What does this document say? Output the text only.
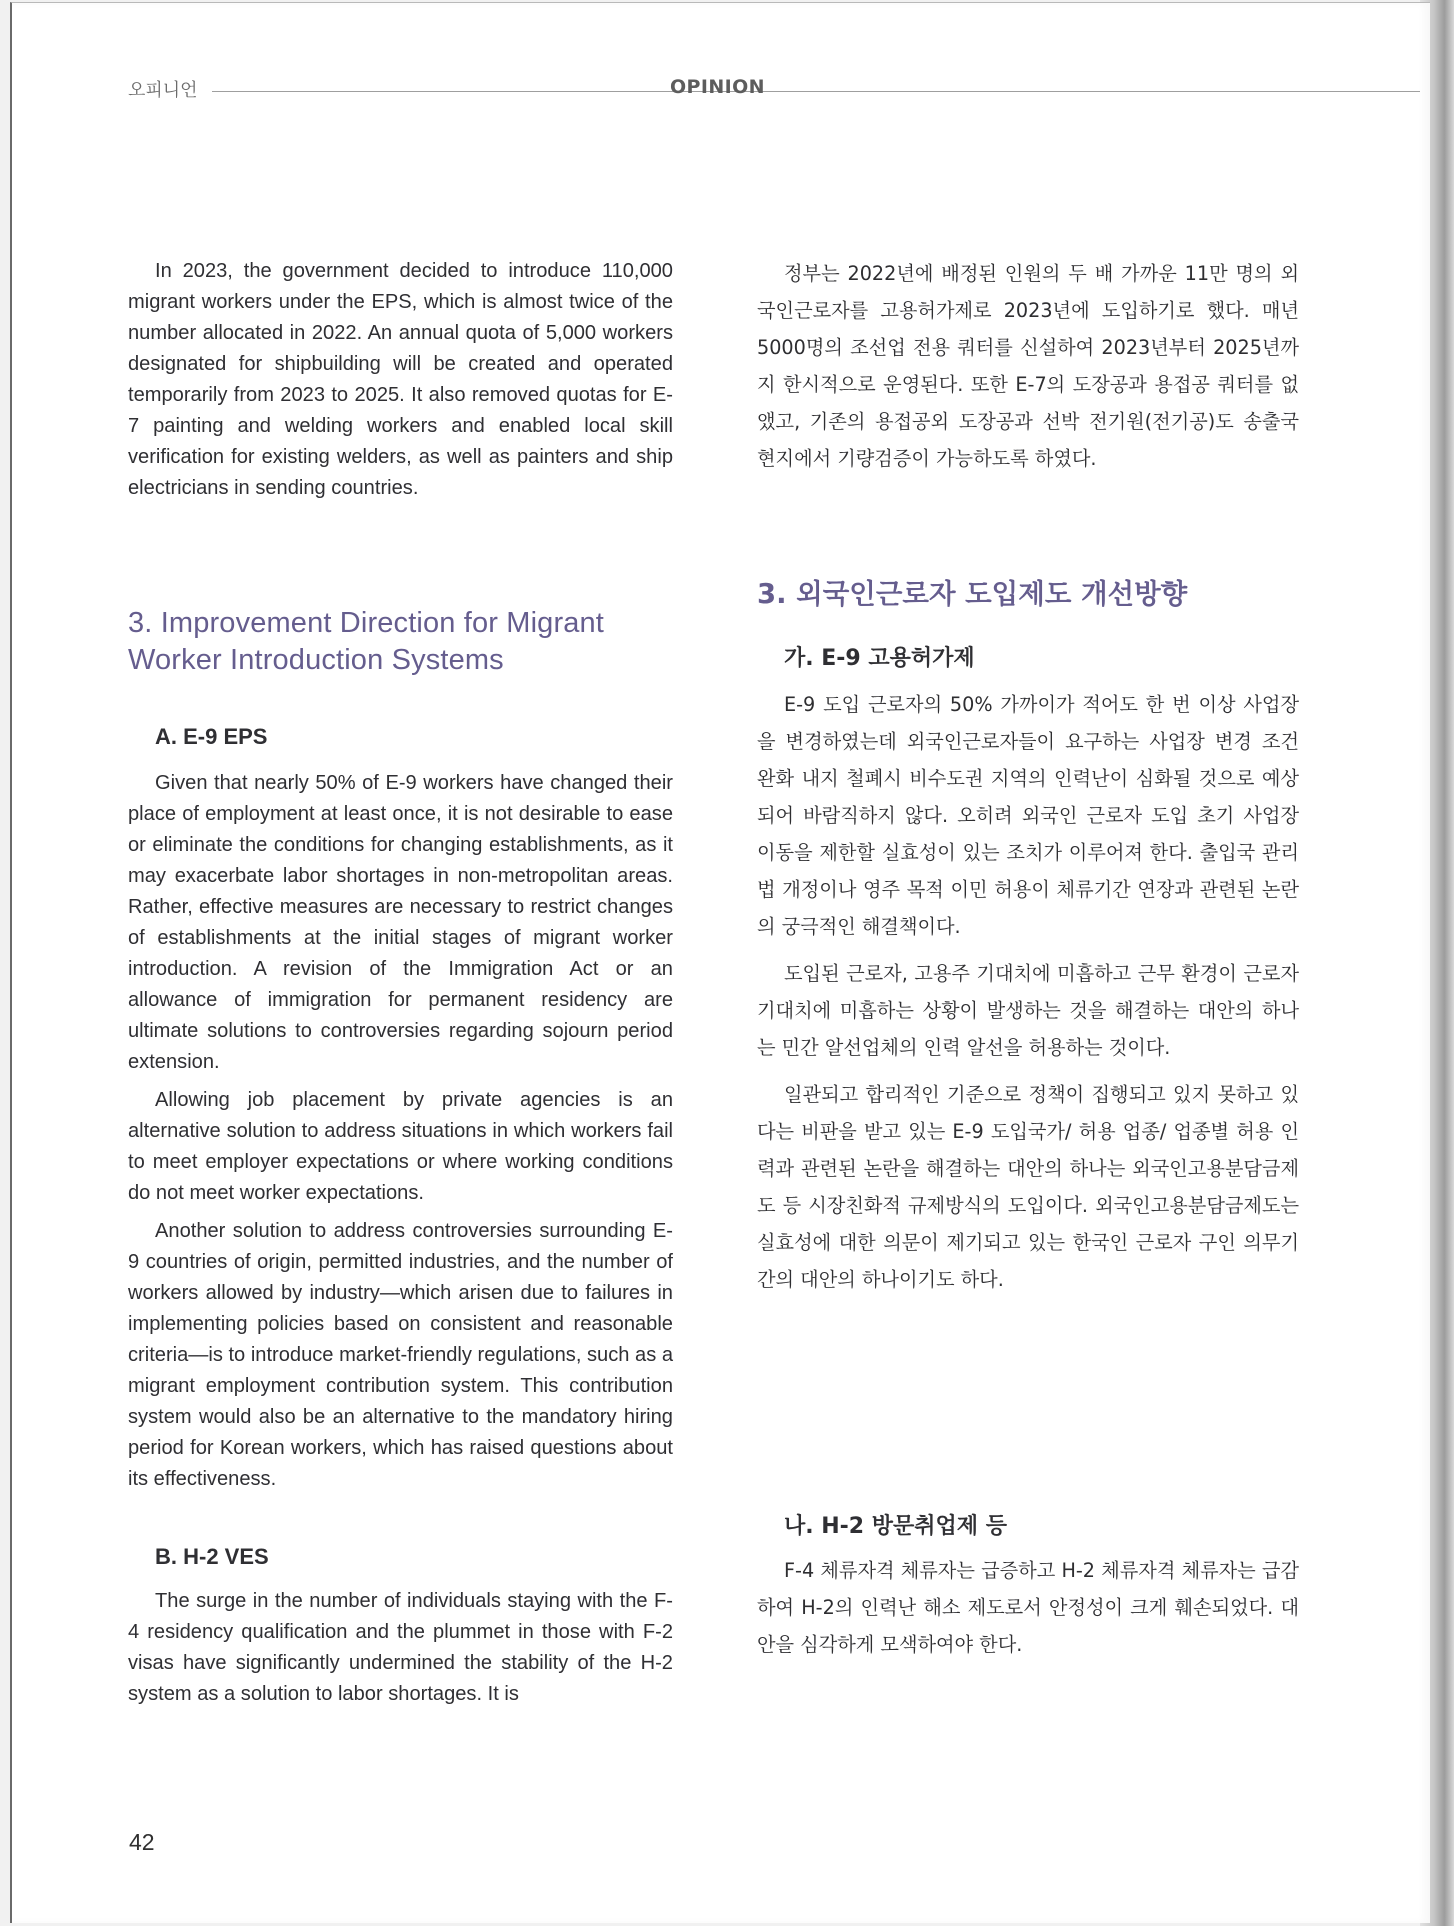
오피니언	OPINION

In 2023, the government decided to introduce 110,000 migrant workers under the EPS, which is almost twice of the number allocated in 2022. An annual quota of 5,000 workers designated for shipbuilding will be created and operated temporarily from 2023 to 2025. It also removed quotas for E-7 painting and welding workers and enabled local skill verification for existing welders, as well as painters and ship electricians in sending countries.

3. Improvement Direction for Migrant Worker Introduction Systems
A. E-9 EPS

Given that nearly 50% of E-9 workers have changed their place of employment at least once, it is not desirable to ease or eliminate the conditions for changing establishments, as it may exacerbate labor shortages in non-metropolitan areas. Rather, effective measures are necessary to restrict changes of establishments at the initial stages of migrant worker introduction. A revision of the Immigration Act or an allowance of immigration for permanent residency are ultimate solutions to controversies regarding sojourn period extension.

Allowing job placement by private agencies is an alternative solution to address situations in which workers fail to meet employer expectations or where working conditions do not meet worker expectations.

Another solution to address controversies surrounding E-9 countries of origin, permitted industries, and the number of workers allowed by industry—which arisen due to failures in implementing policies based on consistent and reasonable criteria—is to introduce market-friendly regulations, such as a migrant employment contribution system. This contribution system would also be an alternative to the mandatory hiring period for Korean workers, which has raised questions about its effectiveness.

B. H-2 VES

The surge in the number of individuals staying with the F-4 residency qualification and the plummet in those with F-2 visas have significantly undermined the stability of the H-2 system as a solution to labor shortages. It is

정부는 2022년에 배정된 인원의 두 배 가까운 11만 명의 외국인근로자를 고용허가제로 2023년에 도입하기로 했다. 매년 5000명의 조선업 전용 쿼터를 신설하여 2023년부터 2025년까지 한시적으로 운영된다. 또한 E-7의 도장공과 용접공 쿼터를 없앴고, 기존의 용접공외 도장공과 선박 전기원(전기공)도 송출국 현지에서 기량검증이 가능하도록 하였다.

3. 외국인근로자 도입제도 개선방향
가. E-9 고용허가제

E-9 도입 근로자의 50% 가까이가 적어도 한 번 이상 사업장을 변경하였는데 외국인근로자들이 요구하는 사업장 변경 조건 완화 내지 철폐시 비수도권 지역의 인력난이 심화될 것으로 예상되어 바람직하지 않다. 오히려 외국인 근로자 도입 초기 사업장 이동을 제한할 실효성이 있는 조치가 이루어져 한다. 출입국 관리법 개정이나 영주 목적 이민 허용이 체류기간 연장과 관련된 논란의 궁극적인 해결책이다.

도입된 근로자, 고용주 기대치에 미흡하고 근무 환경이 근로자 기대치에 미흡하는 상황이 발생하는 것을 해결하는 대안의 하나는 민간 알선업체의 인력 알선을 허용하는 것이다.

일관되고 합리적인 기준으로 정책이 집행되고 있지 못하고 있다는 비판을 받고 있는 E-9 도입국가/ 허용 업종/ 업종별 허용 인력과 관련된 논란을 해결하는 대안의 하나는 외국인고용분담금제도 등 시장친화적 규제방식의 도입이다. 외국인고용분담금제도는 실효성에 대한 의문이 제기되고 있는 한국인 근로자 구인 의무기간의 대안의 하나이기도 하다.

나. H-2 방문취업제 등

F-4 체류자격 체류자는 급증하고 H-2 체류자격 체류자는 급감하여 H-2의 인력난 해소 제도로서 안정성이 크게 훼손되었다. 대안을 심각하게 모색하여야 한다.

42
